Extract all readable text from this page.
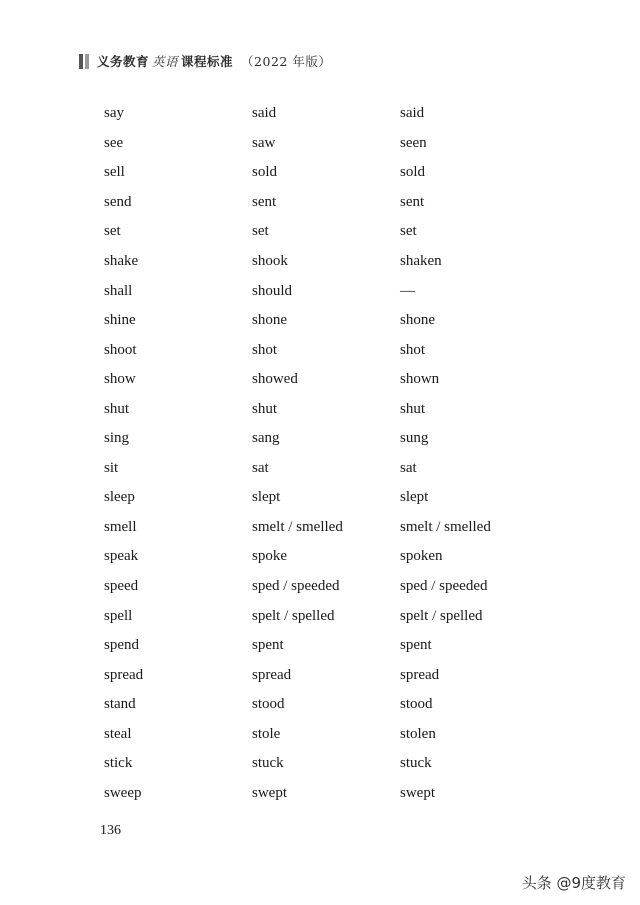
义务教育 英语 课程标准 （2022 年版）
say	said	said
see	saw	seen
sell	sold	sold
send	sent	sent
set	set	set
shake	shook	shaken
shall	should	—
shine	shone	shone
shoot	shot	shot
show	showed	shown
shut	shut	shut
sing	sang	sung
sit	sat	sat
sleep	slept	slept
smell	smelt / smelled	smelt / smelled
speak	spoke	spoken
speed	sped / speeded	sped / speeded
spell	spelt / spelled	spelt / spelled
spend	spent	spent
spread	spread	spread
stand	stood	stood
steal	stole	stolen
stick	stuck	stuck
sweep	swept	swept
136
头条 @9度教育
